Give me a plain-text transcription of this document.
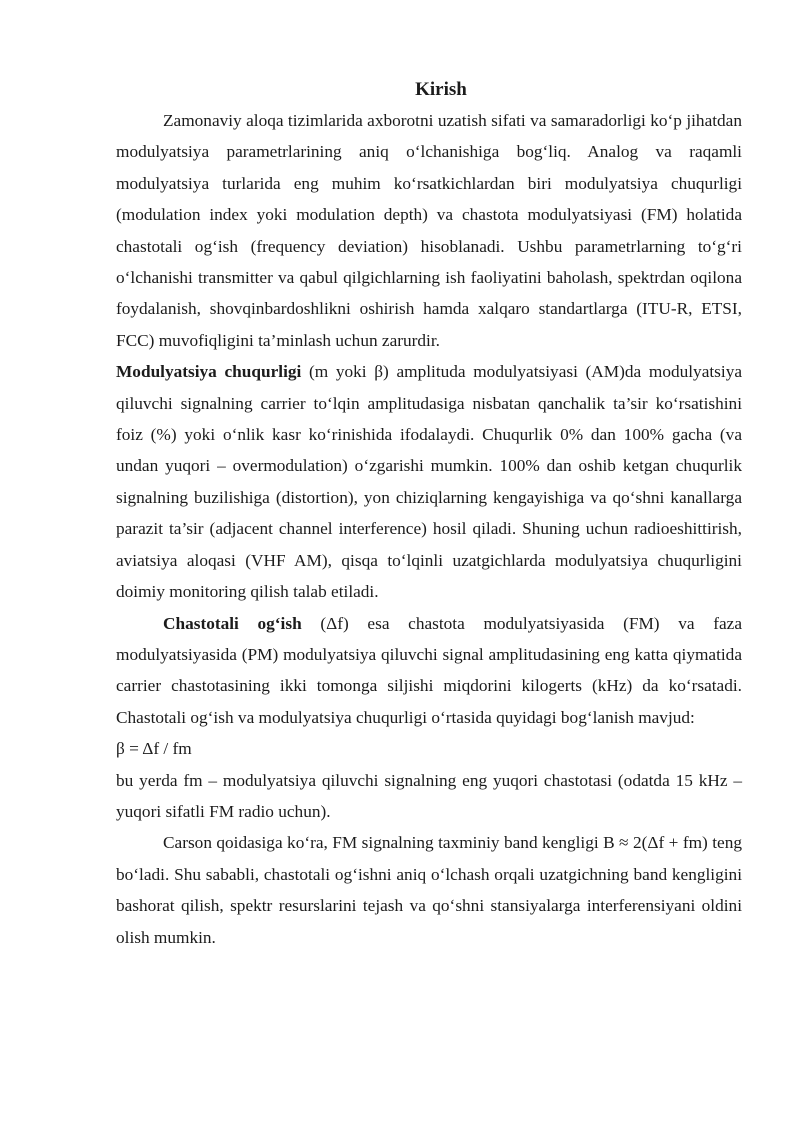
Kirish

Zamonaviy aloqa tizimlarida axborotni uzatish sifati va samaradorligi ko‘p jihatdan modulyatsiya parametrlarining aniq o‘lchanishiga bog‘liq. Analog va raqamli modulyatsiya turlarida eng muhim ko‘rsatkichlardan biri modulyatsiya chuqurligi (modulation index yoki modulation depth) va chastota modulyatsiyasi (FM) holatida chastotali og‘ish (frequency deviation) hisoblanadi. Ushbu parametrlarning to‘g‘ri o‘lchanishi transmitter va qabul qilgichlarning ish faoliyatini baholash, spektrdan oqilona foydalanish, shovqinbardoshlikni oshirish hamda xalqaro standartlarga (ITU-R, ETSI, FCC) muvofiqligini ta’minlash uchun zarurdir.

Modulyatsiya chuqurligi (m yoki β) amplituda modulyatsiyasi (AM)da modulyatsiya qiluvchi signalning carrier to‘lqin amplitudasiga nisbatan qanchalik ta’sir ko‘rsatishini foiz (%) yoki o‘nlik kasr ko‘rinishida ifodalaydi. Chuqurlik 0% dan 100% gacha (va undan yuqori – overmodulation) o‘zgarishi mumkin. 100% dan oshib ketgan chuqurlik signalning buzilishiga (distortion), yon chiziqlarning kengayishiga va qo‘shni kanallarga parazit ta’sir (adjacent channel interference) hosil qiladi. Shuning uchun radioeshittirish, aviatsiya aloqasi (VHF AM), qisqa to‘lqinli uzatgichlarda modulyatsiya chuqurligini doimiy monitoring qilish talab etiladi.

Chastotali og‘ish (Δf) esa chastota modulyatsiyasida (FM) va faza modulyatsiyasida (PM) modulyatsiya qiluvchi signal amplitudasining eng katta qiymatida carrier chastotasining ikki tomonga siljishi miqdorini kilogerts (kHz) da ko‘rsatadi. Chastotali og‘ish va modulyatsiya chuqurligi o‘rtasida quyidagi bog‘lanish mavjud:

β = Δf / fm

bu yerda fm – modulyatsiya qiluvchi signalning eng yuqori chastotasi (odatda 15 kHz – yuqori sifatli FM radio uchun).

Carson qoidasiga ko‘ra, FM signalning taxminiy band kengligi B ≈ 2(Δf + fm) teng bo‘ladi. Shu sababli, chastotali og‘ishni aniq o‘lchash orqali uzatgichning band kengligini bashorat qilish, spektr resurslarini tejash va qo‘shni stansiyalarga interferensiyani oldini olish mumkin.
